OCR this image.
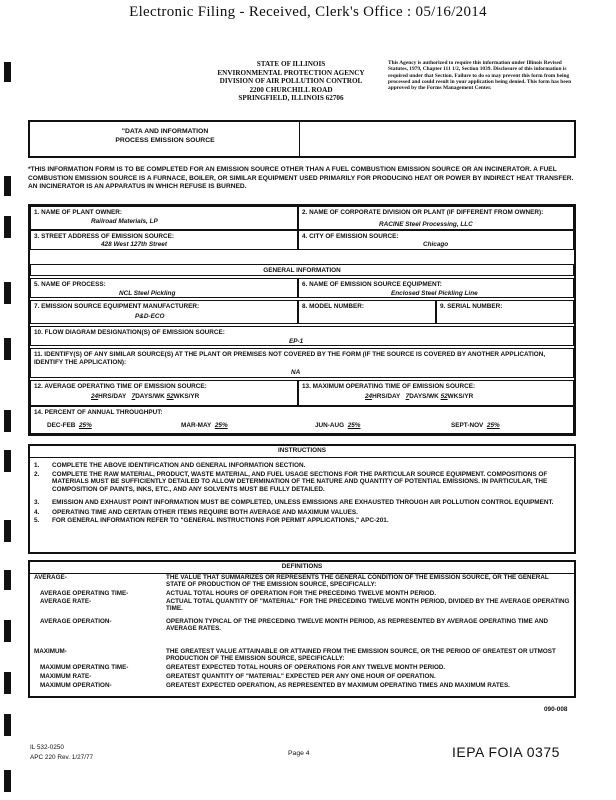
Electronic Filing - Received, Clerk's Office : 05/16/2014
STATE OF ILLINOIS
ENVIRONMENTAL PROTECTION AGENCY
DIVISION OF AIR POLLUTION CONTROL
2200 CHURCHILL ROAD
SPRINGFIELD, ILLINOIS 62706
This Agency is authorized to require this information under Illinois Revised Statutes, 1979, Chapter 111 1/2, Section 1039. Disclosure of this information is required under that Section. Failure to do so may prevent this form from being processed and could result in your application being denied. This form has been approved by the Forms Management Center.
"DATA AND INFORMATION
PROCESS EMISSION SOURCE
*THIS INFORMATION FORM IS TO BE COMPLETED FOR AN EMISSION SOURCE OTHER THAN A FUEL COMBUSTION EMISSION SOURCE OR AN INCINERATOR. A FUEL COMBUSTION EMISSION SOURCE IS A FURNACE, BOILER, OR SIMILAR EQUIPMENT USED PRIMARILY FOR PRODUCING HEAT OR POWER BY INDIRECT HEAT TRANSFER. AN INCINERATOR IS AN APPARATUS IN WHICH REFUSE IS BURNED.
1. NAME OF PLANT OWNER:
Railroad Materials, LP
2. NAME OF CORPORATE DIVISION OR PLANT (IF DIFFERENT FROM OWNER):
RACINE Steel Processing, LLC
3. STREET ADDRESS OF EMISSION SOURCE:
428 West 127th Street
4. CITY OF EMISSION SOURCE:
Chicago
GENERAL INFORMATION
5. NAME OF PROCESS:
NCL Steel Pickling
6. NAME OF EMISSION SOURCE EQUIPMENT:
Enclosed Steel Pickling Line
7. EMISSION SOURCE EQUIPMENT MANUFACTURER:
P&D-ECO
8. MODEL NUMBER:	9. SERIAL NUMBER:
10. FLOW DIAGRAM DESIGNATION(S) OF EMISSION SOURCE:
EP-1
11. IDENTIFY(S) OF ANY SIMILAR SOURCE(S) AT THE PLANT OR PREMISES NOT COVERED BY THE FORM (IF THE SOURCE IS COVERED BY ANOTHER APPLICATION, IDENTIFY THE APPLICATION):
NA
12. AVERAGE OPERATING TIME OF EMISSION SOURCE:
24HRS/DAY 7DAYS/WK 52WKS/YR
13. MAXIMUM OPERATING TIME OF EMISSION SOURCE:
24HRS/DAY 7DAYS/WK 52WKS/YR
14. PERCENT OF ANNUAL THROUGHPUT:
DEC-FEB 25%	MAR-MAY 25%	JUN-AUG 25%	SEPT-NOV 25%
INSTRUCTIONS
1.	COMPLETE THE ABOVE IDENTIFICATION AND GENERAL INFORMATION SECTION.
2.	COMPLETE THE RAW MATERIAL, PRODUCT, WASTE MATERIAL, AND FUEL USAGE SECTIONS FOR THE PARTICULAR SOURCE EQUIPMENT. COMPOSITIONS OF MATERIALS MUST BE SUFFICIENTLY DETAILED TO ALLOW DETERMINATION OF THE NATURE AND QUANTITY OF POTENTIAL EMISSIONS. IN PARTICULAR, THE COMPOSITION OF PAINTS, INKS, ETC., AND ANY SOLVENTS MUST BE FULLY DETAILED.
3.	EMISSION AND EXHAUST POINT INFORMATION MUST BE COMPLETED, UNLESS EMISSIONS ARE EXHAUSTED THROUGH AIR POLLUTION CONTROL EQUIPMENT.
4.	OPERATING TIME AND CERTAIN OTHER ITEMS REQUIRE BOTH AVERAGE AND MAXIMUM VALUES.
5.	FOR GENERAL INFORMATION REFER TO "GENERAL INSTRUCTIONS FOR PERMIT APPLICATIONS," APC-201.
DEFINITIONS
AVERAGE-	THE VALUE THAT SUMMARIZES OR REPRESENTS THE GENERAL CONDITION OF THE EMISSION SOURCE, OR THE GENERAL STATE OF PRODUCTION OF THE EMISSION SOURCE, SPECIFICALLY:
AVERAGE OPERATING TIME-	ACTUAL TOTAL HOURS OF OPERATION FOR THE PRECEDING TWELVE MONTH PERIOD.
AVERAGE RATE-	ACTUAL TOTAL QUANTITY OF "MATERIAL" FOR THE PRECEDING TWELVE MONTH PERIOD, DIVIDED BY THE AVERAGE OPERATING TIME.
AVERAGE OPERATION-	OPERATION TYPICAL OF THE PRECEDING TWELVE MONTH PERIOD, AS REPRESENTED BY AVERAGE OPERATING TIME AND AVERAGE RATES.
MAXIMUM-	THE GREATEST VALUE ATTAINABLE OR ATTAINED FROM THE EMISSION SOURCE, OR THE PERIOD OF GREATEST OR UTMOST PRODUCTION OF THE EMISSION SOURCE, SPECIFICALLY:
MAXIMUM OPERATING TIME-	GREATEST EXPECTED TOTAL HOURS OF OPERATIONS FOR ANY TWELVE MONTH PERIOD.
MAXIMUM RATE-	GREATEST QUANTITY OF "MATERIAL" EXPECTED PER ANY ONE HOUR OF OPERATION.
MAXIMUM OPERATION-	GREATEST EXPECTED OPERATION, AS REPRESENTED BY MAXIMUM OPERATING TIMES AND MAXIMUM RATES.
090-008
IL 532-0250
APC 220 Rev. 1/27/77
Page 4	IEPA FOIA 0375
